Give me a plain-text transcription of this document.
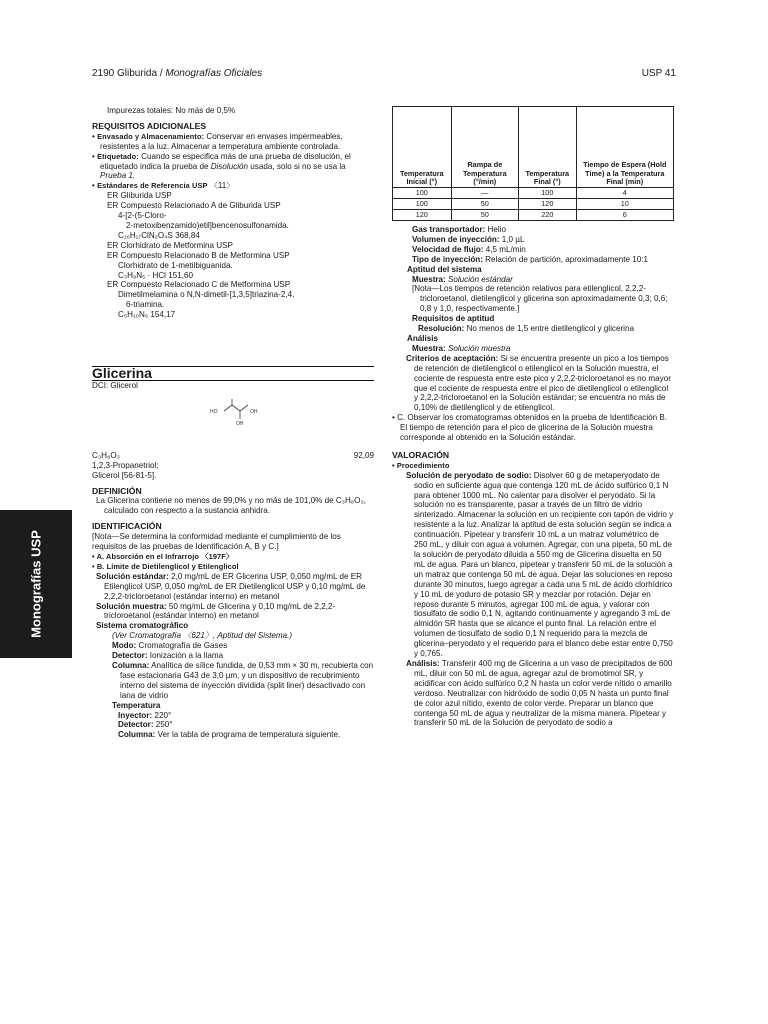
2190 Gliburida / Monografías Oficiales	USP 41
Monografías USP

Impurezas totales: No más de 0,5%

REQUISITOS ADICIONALES

• Envasado y Almacenamiento: Conservar en envases impermeables, resistentes a la luz. Almacenar a temperatura ambiente controlada.

• Etiquetado: Cuando se especifica más de una prueba de disolución, el etiquetado indica la prueba de Disolución usada, solo si no se usa la Prueba 1.

• Estándares de Referencia USP 〈11〉

ER Gliburida USP

ER Compuesto Relacionado A de Gliburida USP

4-[2-(5-Cloro-

2-metoxibenzamido)etil]bencenosulfonamida.

C₁₆H₁₇ClN₂O₄S 368,84

ER Clorhidrato de Metformina USP

ER Compuesto Relacionado B de Metformina USP

Clorhidrato de 1-metilbiguanida.

C₃H₉N₅ · HCl 151,60

ER Compuesto Relacionado C de Metformina USP

Dimetilmelamina o N,N-dimetil-[1,3,5]triazina-2,4,

6-triamina.

C₅H₁₀N₆ 154,17

Glicerina

DCI: Glicerol

HO	OH
OH
C₃H₈O₃	92,09

1,2,3-Propanetriol;

Glicerol [56-81-5].

DEFINICIÓN

La Glicerina contiene no menos de 99,0% y no más de 101,0% de C₃H₈O₃, calculado con respecto a la sustancia anhidra.

IDENTIFICACIÓN

[Nota—Se determina la conformidad mediante el cumplimiento de los requisitos de las pruebas de Identificación A, B y C.]

• A. Absorción en el Infrarrojo 〈197F〉

• B. Límite de Dietilenglicol y Etilenglicol

Solución estándar: 2,0 mg/mL de ER Glicerina USP, 0,050 mg/mL de ER Etilenglicol USP, 0,050 mg/mL de ER Dietilenglicol USP y 0,10 mg/mL de 2,2,2-tricloroetanol (estándar interno) en metanol

Solución muestra: 50 mg/mL de Glicerina y 0,10 mg/mL de 2,2,2-tricloroetanol (estándar interno) en metanol

Sistema cromatográfico

(Ver Cromatografía 〈621〉, Aptitud del Sistema.)

Modo: Cromatografía de Gases

Detector: Ionización a la llama

Columna: Analítica de sílice fundida, de 0,53 mm × 30 m, recubierta con fase estacionaria G43 de 3,0 µm, y un dispositivo de recubrimiento interno del sistema de inyección dividida (split liner) desactivado con lana de vidrio

Temperatura

Inyector: 220°

Detector: 250°

Columna: Ver la tabla de programa de temperatura siguiente.

Temperatura Inicial (°)	Rampa de Temperatura (°/min)	Temperatura Final (°)	Tiempo de Espera (Hold Time) a la Temperatura Final (min)
100	—	100	4
100	50	120	10
120	50	220	6

Gas transportador: Helio

Volumen de inyección: 1,0 µL

Velocidad de flujo: 4,5 mL/min

Tipo de inyección: Relación de partición, aproximadamente 10:1

Aptitud del sistema

Muestra: Solución estándar

[Nota—Los tiempos de retención relativos para etilenglicol, 2,2,2-tricloroetanol, dietilenglicol y glicerina son aproximadamente 0,3; 0,6; 0,8 y 1,0, respectivamente.]

Requisitos de aptitud

Resolución: No menos de 1,5 entre dietilenglicol y glicerina

Análisis

Muestra: Solución muestra

Criterios de aceptación: Si se encuentra presente un pico a los tiempos de retención de dietilenglicol o etilenglicol en la Solución muestra, el cociente de respuesta entre este pico y 2,2,2-tricloroetanol es no mayor que el cociente de respuesta entre el pico de dietilenglicol o etilenglicol y 2,2,2-tricloroetanol en la Solución estándar; se encuentra no más de 0,10% de dietilenglicol y de etilenglicol.

• C. Observar los cromatogramas obtenidos en la prueba de Identificación B. El tiempo de retención para el pico de glicerina de la Solución muestra corresponde al obtenido en la Solución estándar.

VALORACIÓN

• Procedimiento

Solución de peryodato de sodio: Disolver 60 g de metaperyodato de sodio en suficiente agua que contenga 120 mL de ácido sulfúrico 0,1 N para obtener 1000 mL. No calentar para disolver el peryodato. Si la solución no es transparente, pasar a través de un filtro de vidrio sinterizado. Almacenar la solución en un recipiente con tapón de vidrio y resistente a la luz. Analizar la aptitud de esta solución según se indica a continuación. Pipetear y transferir 10 mL a un matraz volumétrico de 250 mL, y diluir con agua a volumen. Agregar, con una pipeta, 50 mL de la solución de peryodato diluida a 550 mg de Glicerina disuelta en 50 mL de agua. Para un blanco, pipetear y transferir 50 mL de la solución a un matraz que contenga 50 mL de agua. Dejar las soluciones en reposo durante 30 minutos, luego agregar a cada una 5 mL de ácido clorhídrico y 10 mL de yoduro de potasio SR y mezclar por rotación. Dejar en reposo durante 5 minutos, agregar 100 mL de agua, y valorar con tiosulfato de sodio 0,1 N, agitando continuamente y agregando 3 mL de almidón SR hasta que se alcance el punto final. La relación entre el volumen de tiosulfato de sodio 0,1 N requerido para la mezcla de glicerina–peryodato y el requerido para el blanco debe estar entre 0,750 y 0,765.

Análisis: Transferir 400 mg de Glicerina a un vaso de precipitados de 600 mL, diluir con 50 mL de agua, agregar azul de bromotimol SR, y acidificar con ácido sulfúrico 0,2 N hasta un color verde nítido o amarillo verdoso. Neutralizar con hidróxido de sodio 0,05 N hasta un punto final de color azul nítido, exento de color verde. Preparar un blanco que contenga 50 mL de agua y neutralizar de la misma manera. Pipetear y transferir 50 mL de la Solución de peryodato de sodio a
